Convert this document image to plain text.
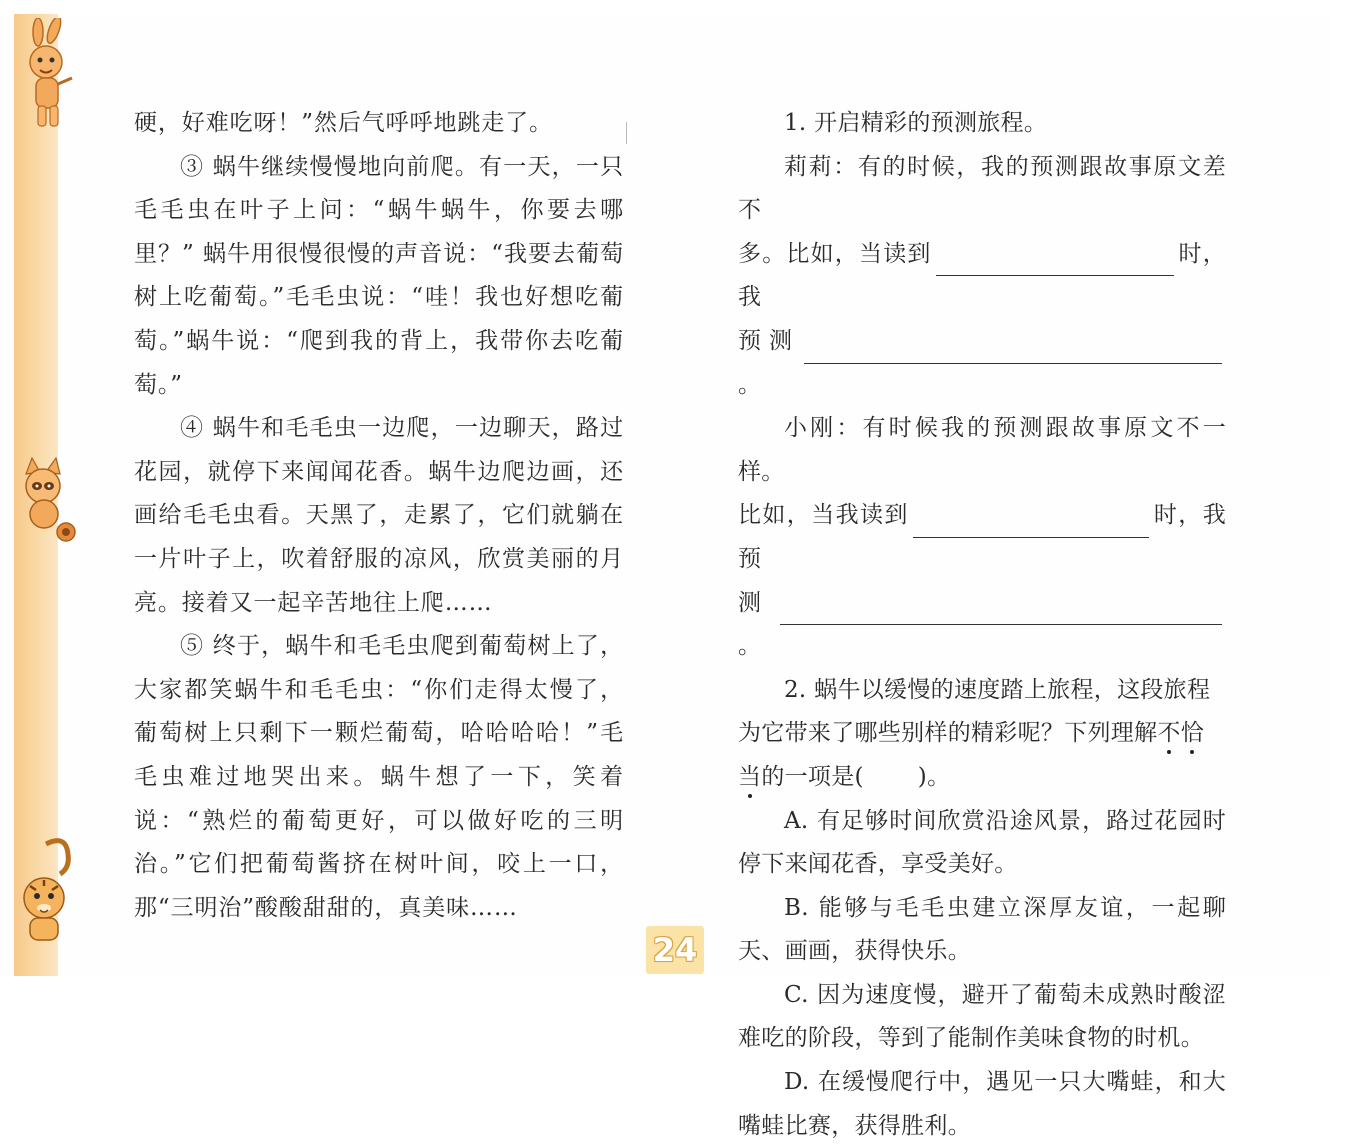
硬，好难吃呀！”然后气呼呼地跳走了。

③ 蜗牛继续慢慢地向前爬。有一天，一只毛毛虫在叶子上问：“蜗牛蜗牛，你要去哪里？” 蜗牛用很慢很慢的声音说：“我要去葡萄树上吃葡萄。”毛毛虫说：“哇！我也好想吃葡萄。”蜗牛说：“爬到我的背上，我带你去吃葡萄。”

④ 蜗牛和毛毛虫一边爬，一边聊天，路过花园，就停下来闻闻花香。蜗牛边爬边画，还画给毛毛虫看。天黑了，走累了，它们就躺在一片叶子上，吹着舒服的凉风，欣赏美丽的月亮。接着又一起辛苦地往上爬……

⑤ 终于，蜗牛和毛毛虫爬到葡萄树上了，大家都笑蜗牛和毛毛虫：“你们走得太慢了，葡萄树上只剩下一颗烂葡萄，哈哈哈哈！”毛毛虫难过地哭出来。蜗牛想了一下，笑着说：“熟烂的葡萄更好，可以做好吃的三明治。”它们把葡萄酱挤在树叶间，咬上一口，那“三明治”酸酸甜甜的，真美味……

1. 开启精彩的预测旅程。

莉莉：有的时候，我的预测跟故事原文差不

多。比如，当读到	时，我

预测。

小刚：有时候我的预测跟故事原文不一样。

比如，当我读到	时，我预

测。

2. 蜗牛以缓慢的速度踏上旅程，这段旅程

为它带来了哪些别样的精彩呢？下列理解不恰

当的一项是( )。

A. 有足够时间欣赏沿途风景，路过花园时停下来闻花香，享受美好。

B. 能够与毛毛虫建立深厚友谊，一起聊天、画画，获得快乐。

C. 因为速度慢，避开了葡萄未成熟时酸涩难吃的阶段，等到了能制作美味食物的时机。

D. 在缓慢爬行中，遇见一只大嘴蛙，和大嘴蛙比赛，获得胜利。

24
